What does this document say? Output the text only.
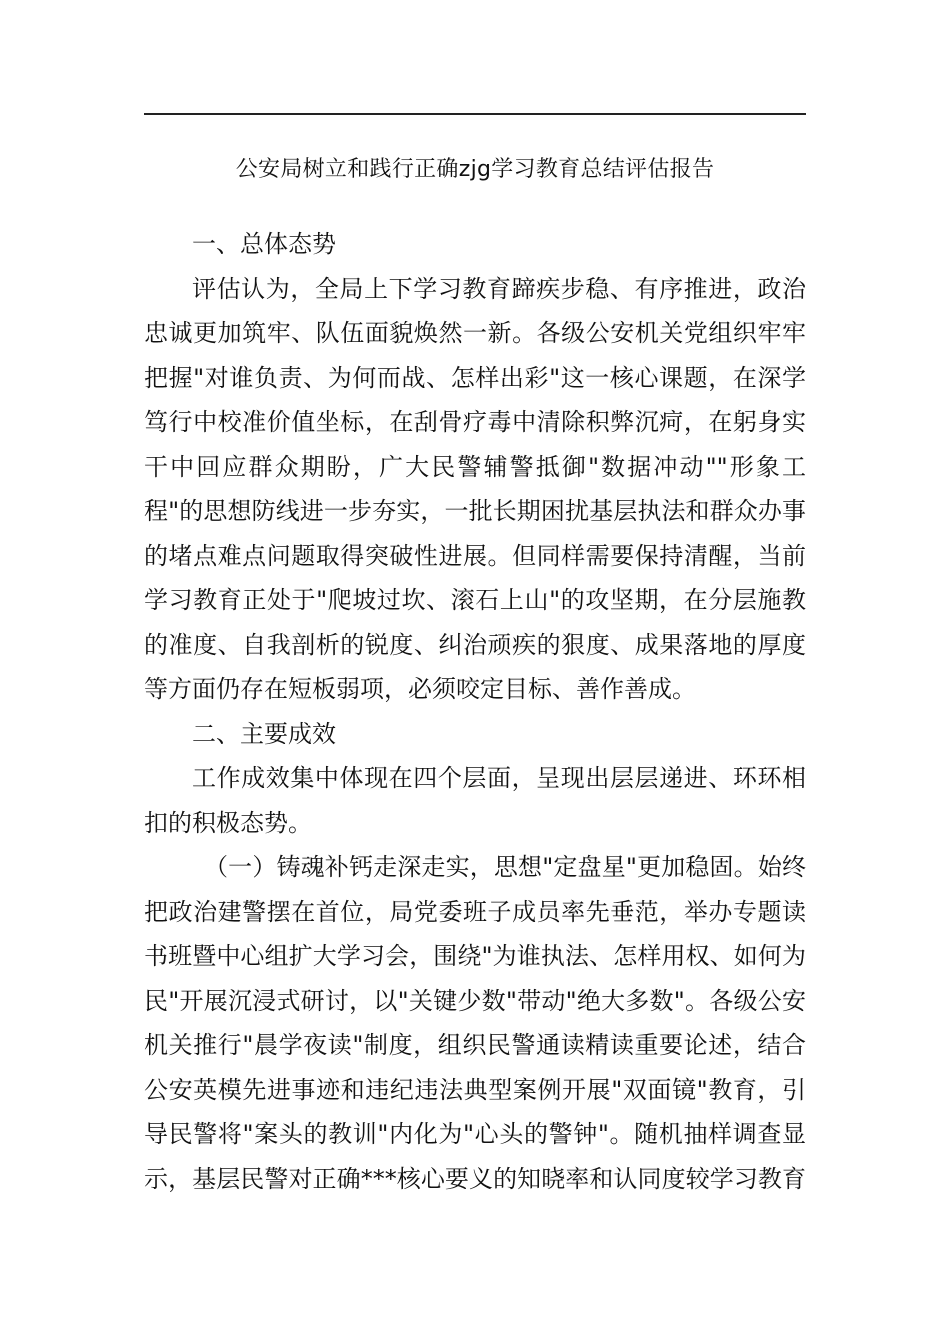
公安局树立和践行正确zjg学习教育总结评估报告
一、总体态势
评估认为，全局上下学习教育蹄疾步稳、有序推进，政治
忠诚更加筑牢、队伍面貌焕然一新。各级公安机关党组织牢牢
把握"对谁负责、为何而战、怎样出彩"这一核心课题，在深学
笃行中校准价值坐标，在刮骨疗毒中清除积弊沉疴，在躬身实
干中回应群众期盼，广大民警辅警抵御"数据冲动""形象工
程"的思想防线进一步夯实，一批长期困扰基层执法和群众办事
的堵点难点问题取得突破性进展。但同样需要保持清醒，当前
学习教育正处于"爬坡过坎、滚石上山"的攻坚期，在分层施教
的准度、自我剖析的锐度、纠治顽疾的狠度、成果落地的厚度
等方面仍存在短板弱项，必须咬定目标、善作善成。
二、主要成效
工作成效集中体现在四个层面，呈现出层层递进、环环相
扣的积极态势。
（一）铸魂补钙走深走实，思想"定盘星"更加稳固。始终
把政治建警摆在首位，局党委班子成员率先垂范，举办专题读
书班暨中心组扩大学习会，围绕"为谁执法、怎样用权、如何为
民"开展沉浸式研讨，以"关键少数"带动"绝大多数"。各级公安
机关推行"晨学夜读"制度，组织民警通读精读重要论述，结合
公安英模先进事迹和违纪违法典型案例开展"双面镜"教育，引
导民警将"案头的教训"内化为"心头的警钟"。随机抽样调查显
示，基层民警对正确***核心要义的知晓率和认同度较学习教育
